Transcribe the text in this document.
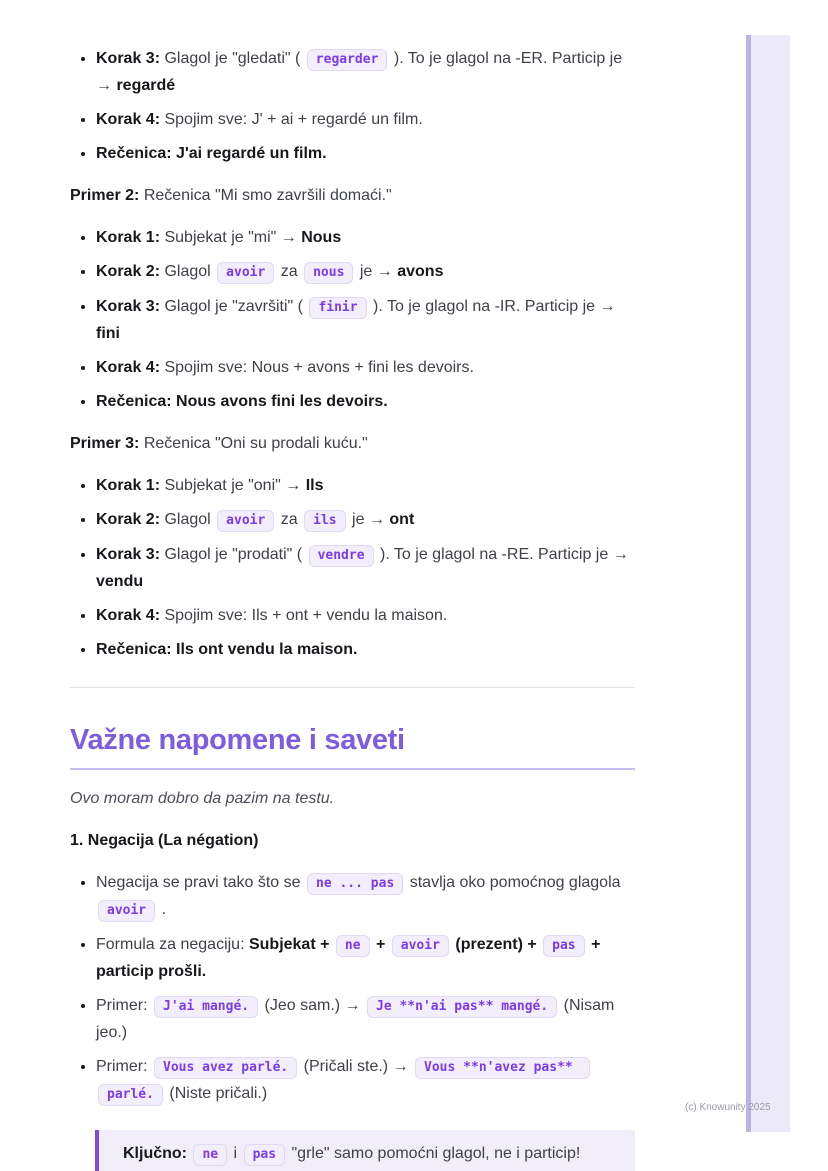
• Korak 3: Glagol je "gledati" ( regarder ). To je glagol na -ER. Particip je → regardé
• Korak 4: Spojim sve: J' + ai + regardé un film.
• Rečenica: J'ai regardé un film.

Primer 2: Rečenica "Mi smo završili domaći."

• Korak 1: Subjekat je "mi" → Nous
• Korak 2: Glagol avoir za nous je → avons
• Korak 3: Glagol je "završiti" ( finir ). To je glagol na -IR. Particip je → fini
• Korak 4: Spojim sve: Nous + avons + fini les devoirs.
• Rečenica: Nous avons fini les devoirs.

Primer 3: Rečenica "Oni su prodali kuću."

• Korak 1: Subjekat je "oni" → Ils
• Korak 2: Glagol avoir za ils je → ont
• Korak 3: Glagol je "prodati" ( vendre ). To je glagol na -RE. Particip je → vendu
• Korak 4: Spojim sve: Ils + ont + vendu la maison.
• Rečenica: Ils ont vendu la maison.
Važne napomene i saveti

Ovo moram dobro da pazim na testu.

1. Negacija (La négation)

• Negacija se pravi tako što se ne ... pas stavlja oko pomoćnog glagola avoir .
• Formula za negaciju: Subjekat + ne + avoir (prezent) + pas + particip prošli.
• Primer: J'ai mangé. (Jeo sam.) → Je **n'ai pas** mangé. (Nisam jeo.)
• Primer: Vous avez parlé. (Pričali ste.) → Vous **n'avez pas** parlé. (Niste pričali.)

Ključno: ne i pas "grle" samo pomoćni glagol, ne i particip!

(c) Knowunity 2025
